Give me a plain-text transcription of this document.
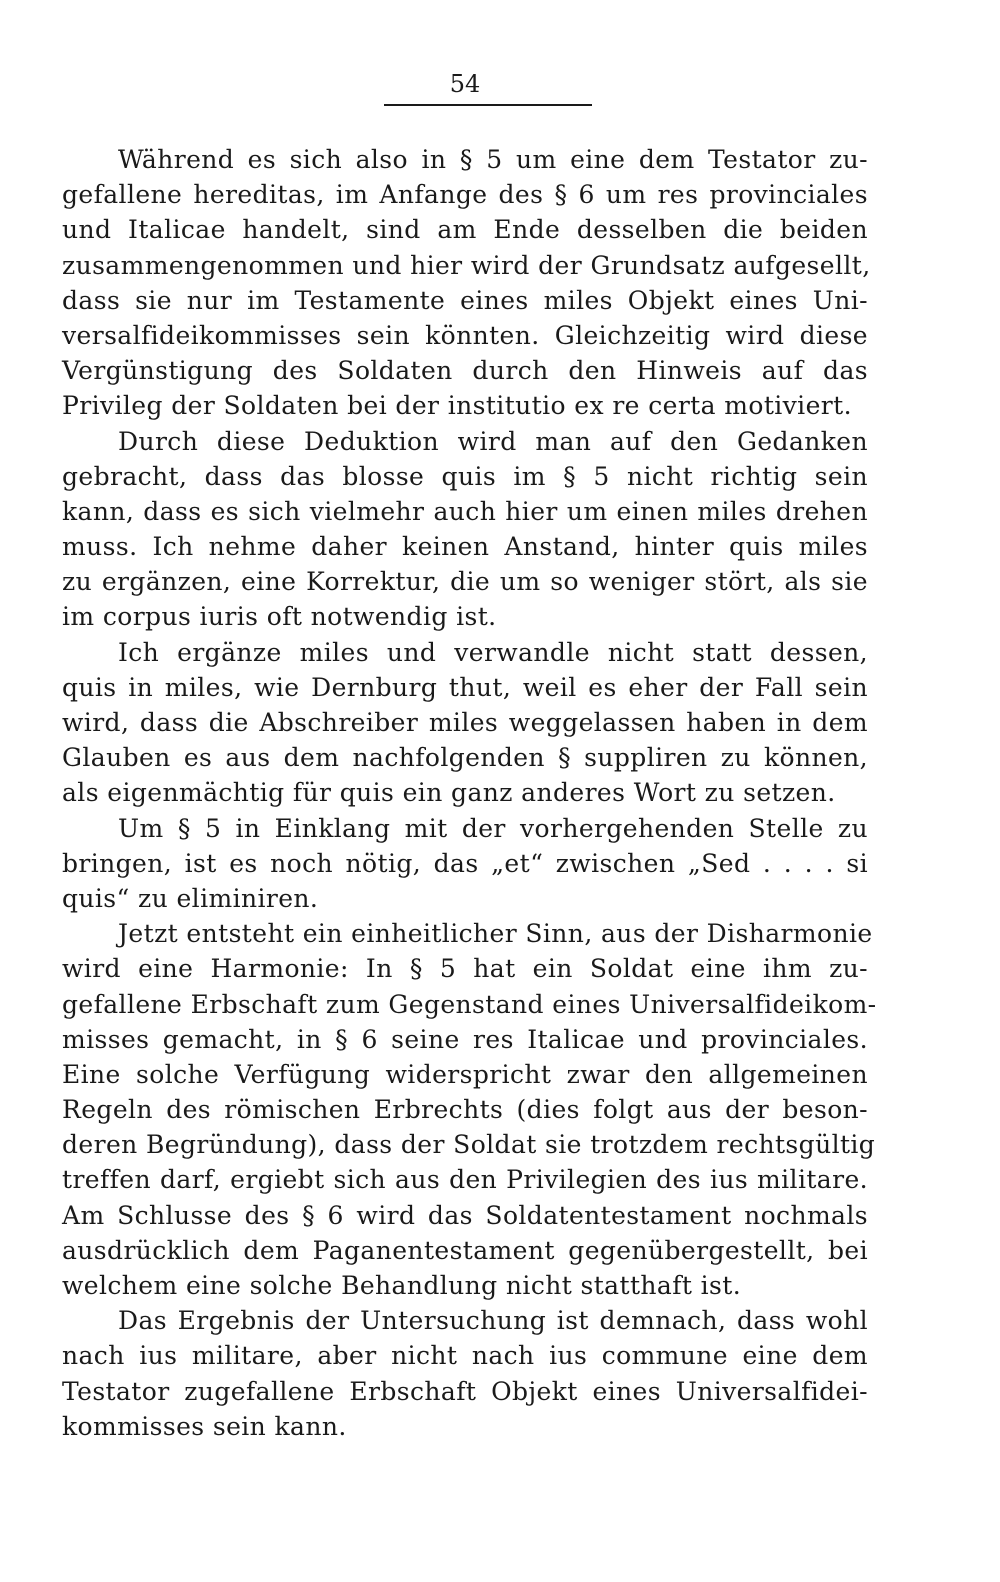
54
Während es sich also in § 5 um eine dem Testator zu-
gefallene hereditas, im Anfange des § 6 um res provinciales
und Italicae handelt, sind am Ende desselben die beiden
zusammengenommen und hier wird der Grundsatz aufgesellt,
dass sie nur im Testamente eines miles Objekt eines Uni-
versalfideikommisses sein könnten. Gleichzeitig wird diese
Vergünstigung des Soldaten durch den Hinweis auf das
Privileg der Soldaten bei der institutio ex re certa motiviert.
Durch diese Deduktion wird man auf den Gedanken
gebracht, dass das blosse quis im § 5 nicht richtig sein
kann, dass es sich vielmehr auch hier um einen miles drehen
muss. Ich nehme daher keinen Anstand, hinter quis miles
zu ergänzen, eine Korrektur, die um so weniger stört, als sie
im corpus iuris oft notwendig ist.
Ich ergänze miles und verwandle nicht statt dessen,
quis in miles, wie Dernburg thut, weil es eher der Fall sein
wird, dass die Abschreiber miles weggelassen haben in dem
Glauben es aus dem nachfolgenden § suppliren zu können,
als eigenmächtig für quis ein ganz anderes Wort zu setzen.
Um § 5 in Einklang mit der vorhergehenden Stelle zu
bringen, ist es noch nötig, das „et“ zwischen „Sed . . . . si
quis“ zu eliminiren.
Jetzt entsteht ein einheitlicher Sinn, aus der Disharmonie
wird eine Harmonie: In § 5 hat ein Soldat eine ihm zu-
gefallene Erbschaft zum Gegenstand eines Universalfideikom-
misses gemacht, in § 6 seine res Italicae und provinciales.
Eine solche Verfügung widerspricht zwar den allgemeinen
Regeln des römischen Erbrechts (dies folgt aus der beson-
deren Begründung), dass der Soldat sie trotzdem rechtsgültig
treffen darf, ergiebt sich aus den Privilegien des ius militare.
Am Schlusse des § 6 wird das Soldatentestament nochmals
ausdrücklich dem Paganentestament gegenübergestellt, bei
welchem eine solche Behandlung nicht statthaft ist.
Das Ergebnis der Untersuchung ist demnach, dass wohl
nach ius militare, aber nicht nach ius commune eine dem
Testator zugefallene Erbschaft Objekt eines Universalfidei-
kommisses sein kann.
